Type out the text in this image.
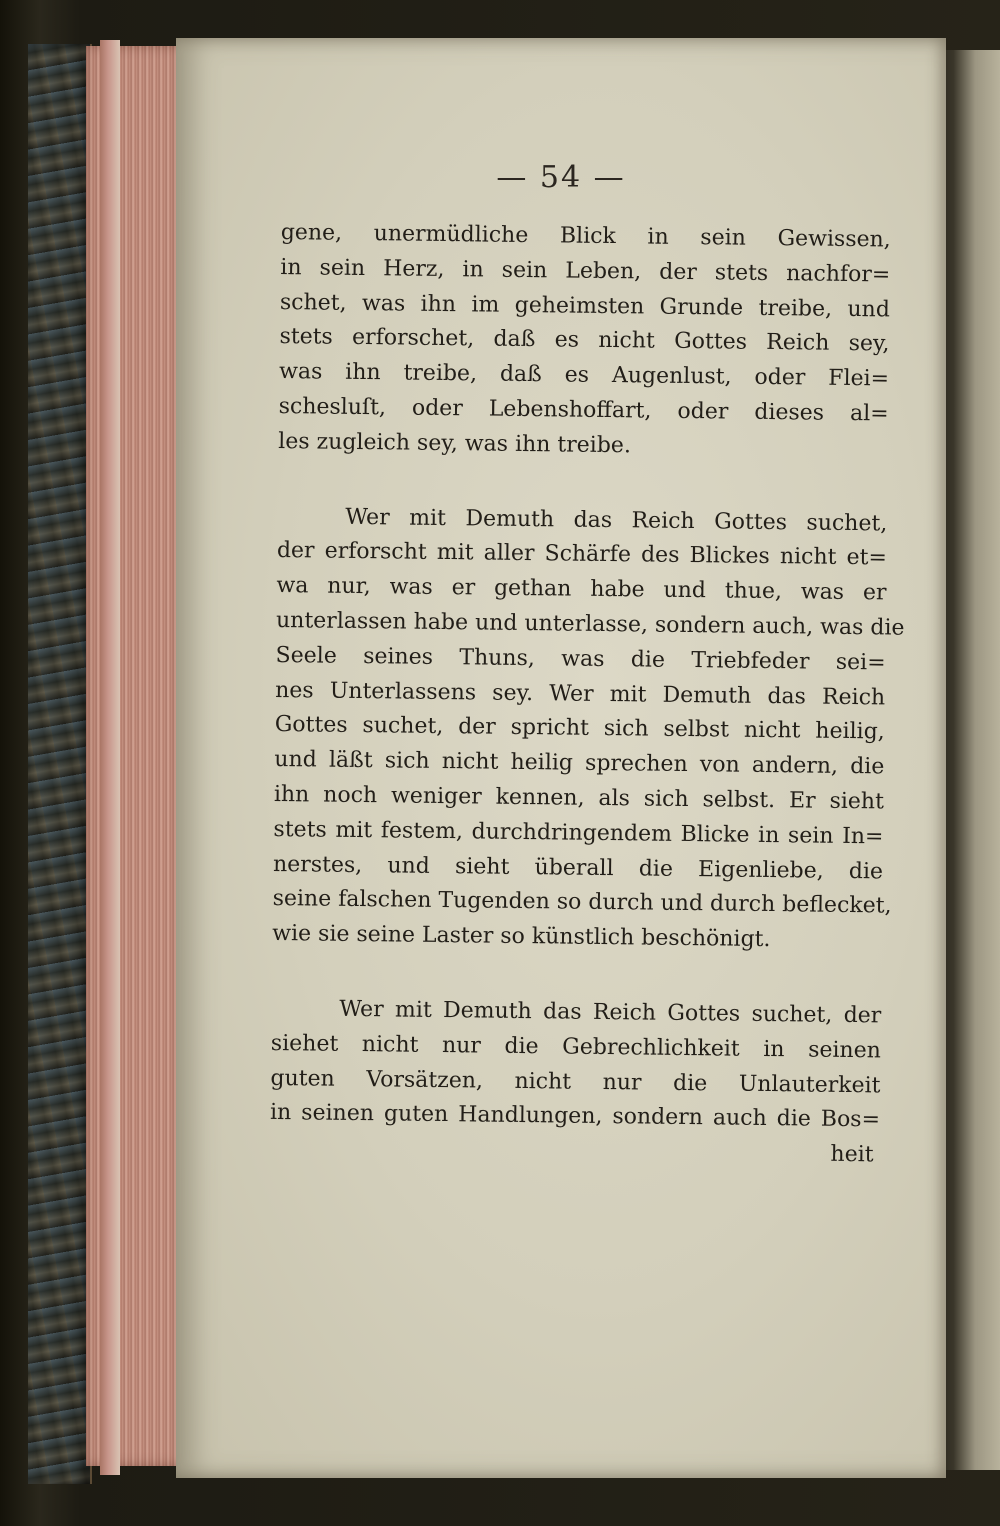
— 54 —

gene, unermüdliche Blick in sein Gewissen,
in sein Herz, in sein Leben, der stets nachfor=
schet, was ihn im geheimsten Grunde treibe, und
stets erforschet, daß es nicht Gottes Reich sey,
was ihn treibe, daß es Augenlust, oder Flei=
schesluſt, oder Lebenshoffart, oder dieses al=
les zugleich sey, was ihn treibe.

Wer mit Demuth das Reich Gottes suchet,
der erforscht mit aller Schärfe des Blickes nicht et=
wa nur, was er gethan habe und thue, was er
unterlassen habe und unterlasse, sondern auch, was die
Seele seines Thuns, was die Triebfeder sei=
nes Unterlassens sey. Wer mit Demuth das Reich
Gottes suchet, der spricht sich selbst nicht heilig,
und läßt sich nicht heilig sprechen von andern, die
ihn noch weniger kennen, als sich selbst. Er sieht
stets mit festem, durchdringendem Blicke in sein In=
nerstes, und sieht überall die Eigenliebe, die
seine falschen Tugenden so durch und durch beflecket,
wie sie seine Laster so künstlich beschönigt.

Wer mit Demuth das Reich Gottes suchet, der
siehet nicht nur die Gebrechlichkeit in seinen
guten Vorsätzen, nicht nur die Unlauterkeit
in seinen guten Handlungen, sondern auch die Bos=

heit
